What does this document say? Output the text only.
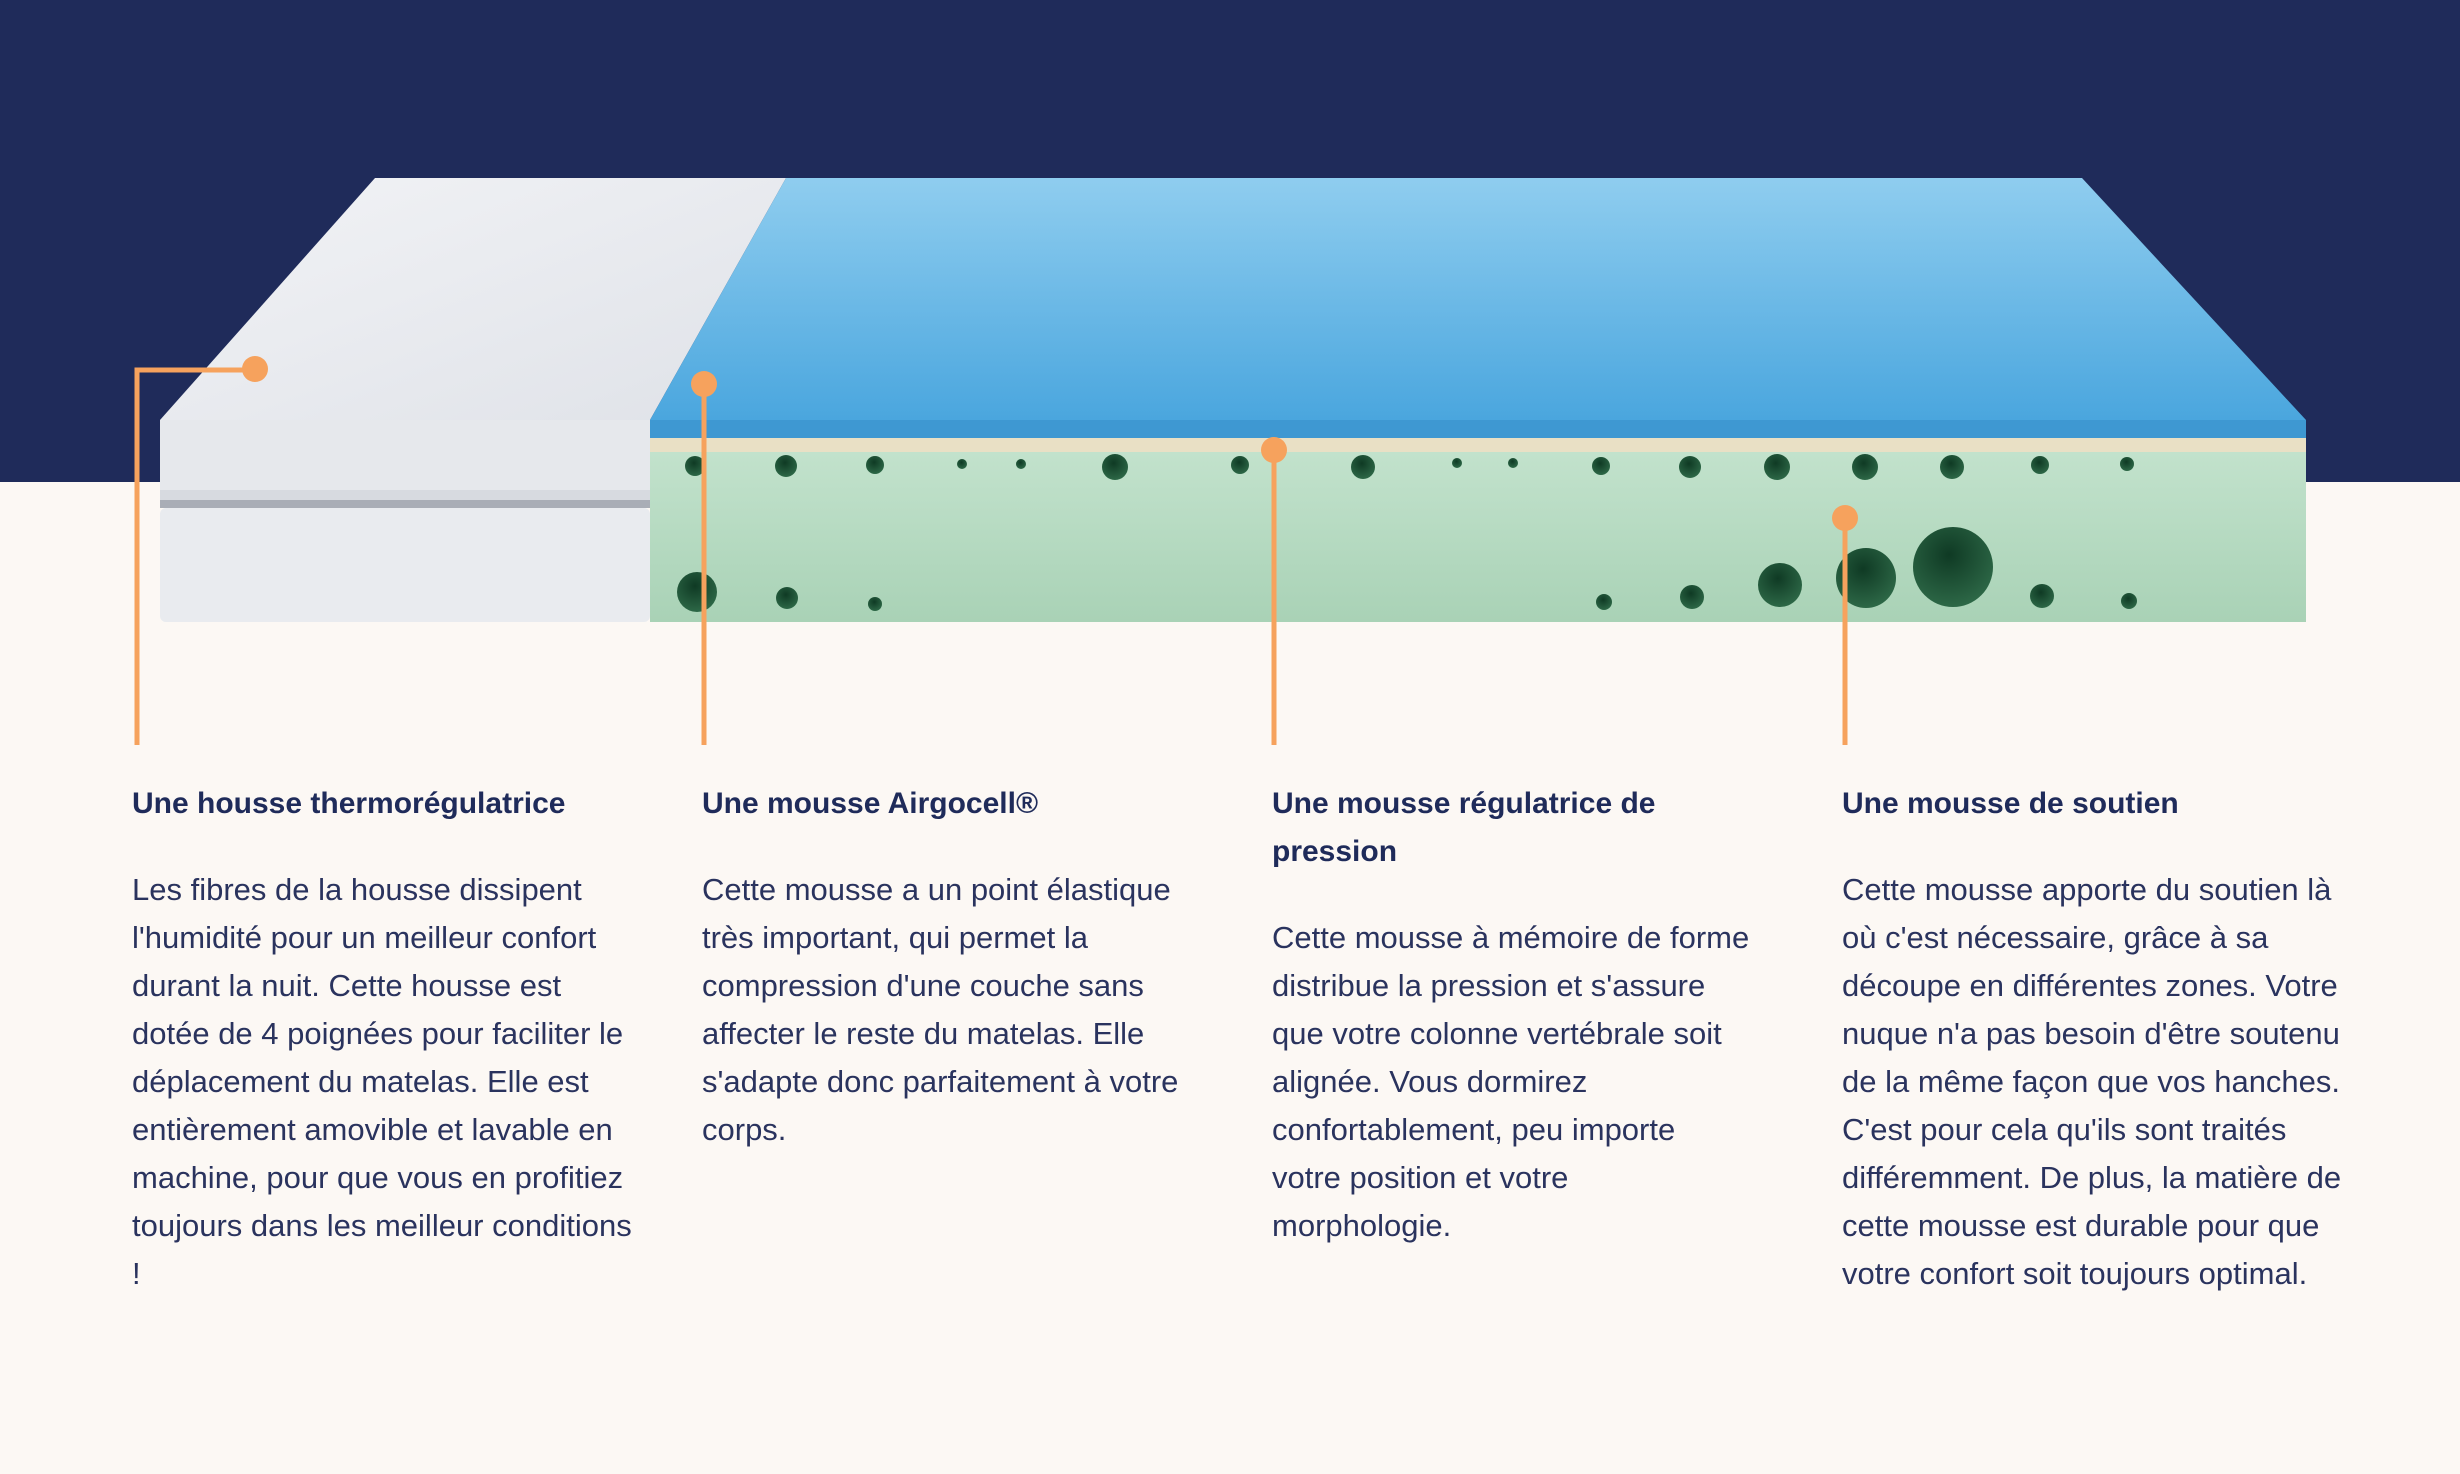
Une housse thermorégulatrice

Les fibres de la housse dissipent l'humidité pour un meilleur confort durant la nuit. Cette housse est dotée de 4 poignées pour faciliter le déplacement du matelas. Elle est entièrement amovible et lavable en machine, pour que vous en profitiez toujours dans les meilleur conditions !

Une mousse Airgocell®

Cette mousse a un point élastique très important, qui permet la compression d'une couche sans affecter le reste du matelas. Elle s'adapte donc parfaitement à votre corps.

Une mousse régulatrice de pression

Cette mousse à mémoire de forme distribue la pression et s'assure que votre colonne vertébrale soit alignée. Vous dormirez confortablement, peu importe votre position et votre morphologie.

Une mousse de soutien

Cette mousse apporte du soutien là où c'est nécessaire, grâce à sa découpe en différentes zones. Votre nuque n'a pas besoin d'être soutenu de la même façon que vos hanches. C'est pour cela qu'ils sont traités différemment. De plus, la matière de cette mousse est durable pour que votre confort soit toujours optimal.
